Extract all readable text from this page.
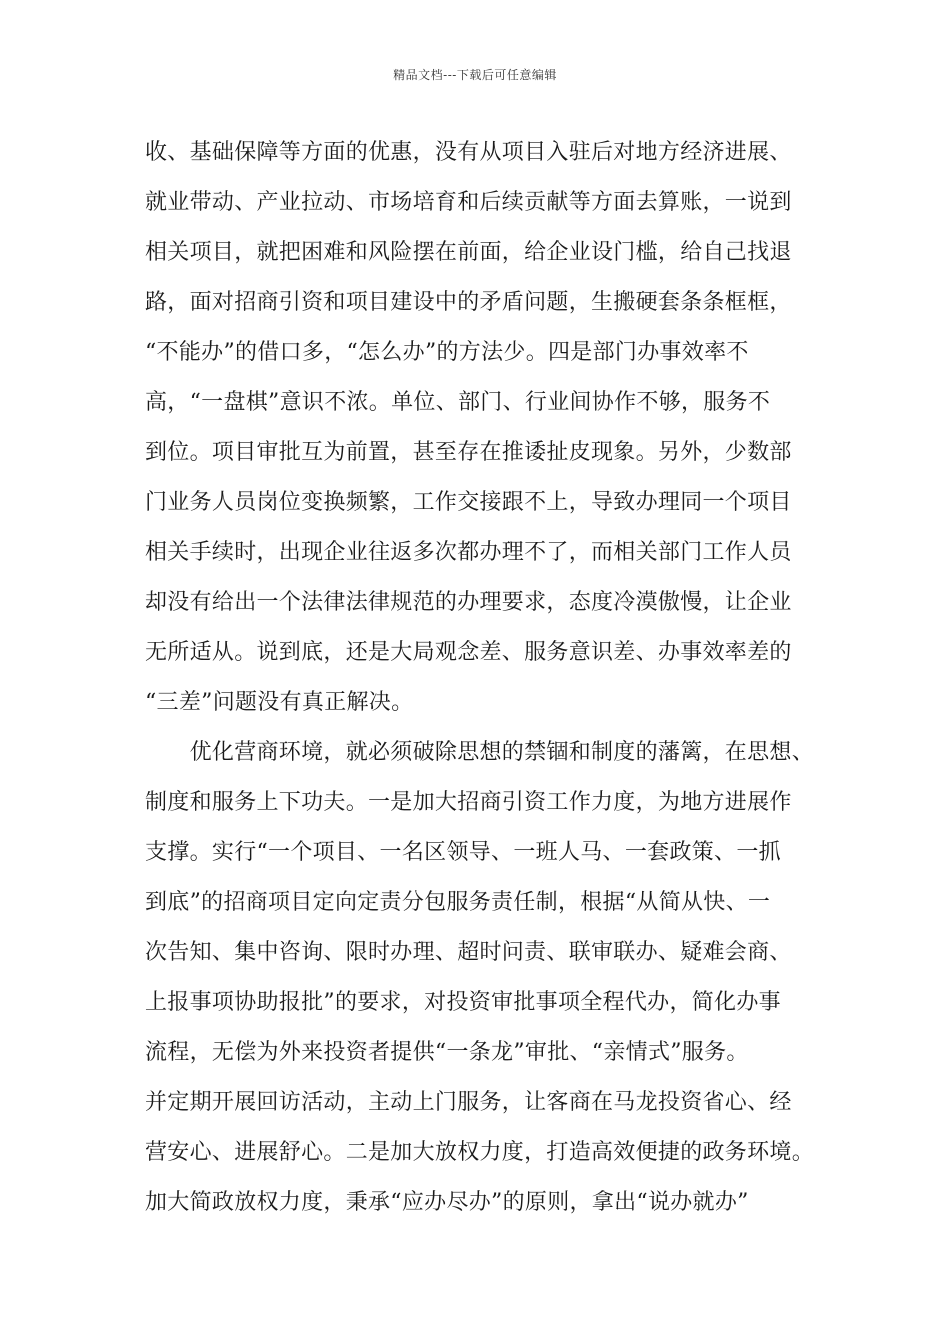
精品文档---下载后可任意编辑
收、基础保障等方面的优惠，没有从项目入驻后对地方经济进展、
就业带动、产业拉动、市场培育和后续贡献等方面去算账，一说到
相关项目，就把困难和风险摆在前面，给企业设门槛，给自己找退
路，面对招商引资和项目建设中的矛盾问题，生搬硬套条条框框，
“不能办”的借口多，“怎么办”的方法少。四是部门办事效率不
高，“一盘棋”意识不浓。单位、部门、行业间协作不够，服务不
到位。项目审批互为前置，甚至存在推诿扯皮现象。另外，少数部
门业务人员岗位变换频繁，工作交接跟不上，导致办理同一个项目
相关手续时，出现企业往返多次都办理不了，而相关部门工作人员
却没有给出一个法律法律规范的办理要求，态度冷漠傲慢，让企业
无所适从。说到底，还是大局观念差、服务意识差、办事效率差的
“三差”问题没有真正解决。
　　优化营商环境，就必须破除思想的禁锢和制度的藩篱，在思想、
制度和服务上下功夫。一是加大招商引资工作力度，为地方进展作
支撑。实行“一个项目、一名区领导、一班人马、一套政策、一抓
到底”的招商项目定向定责分包服务责任制，根据“从简从快、一
次告知、集中咨询、限时办理、超时问责、联审联办、疑难会商、
上报事项协助报批”的要求，对投资审批事项全程代办，简化办事
流程，无偿为外来投资者提供“一条龙”审批、“亲情式”服务。
并定期开展回访活动，主动上门服务，让客商在马龙投资省心、经
营安心、进展舒心。二是加大放权力度，打造高效便捷的政务环境。
加大简政放权力度，秉承“应办尽办”的原则，拿出“说办就办”
